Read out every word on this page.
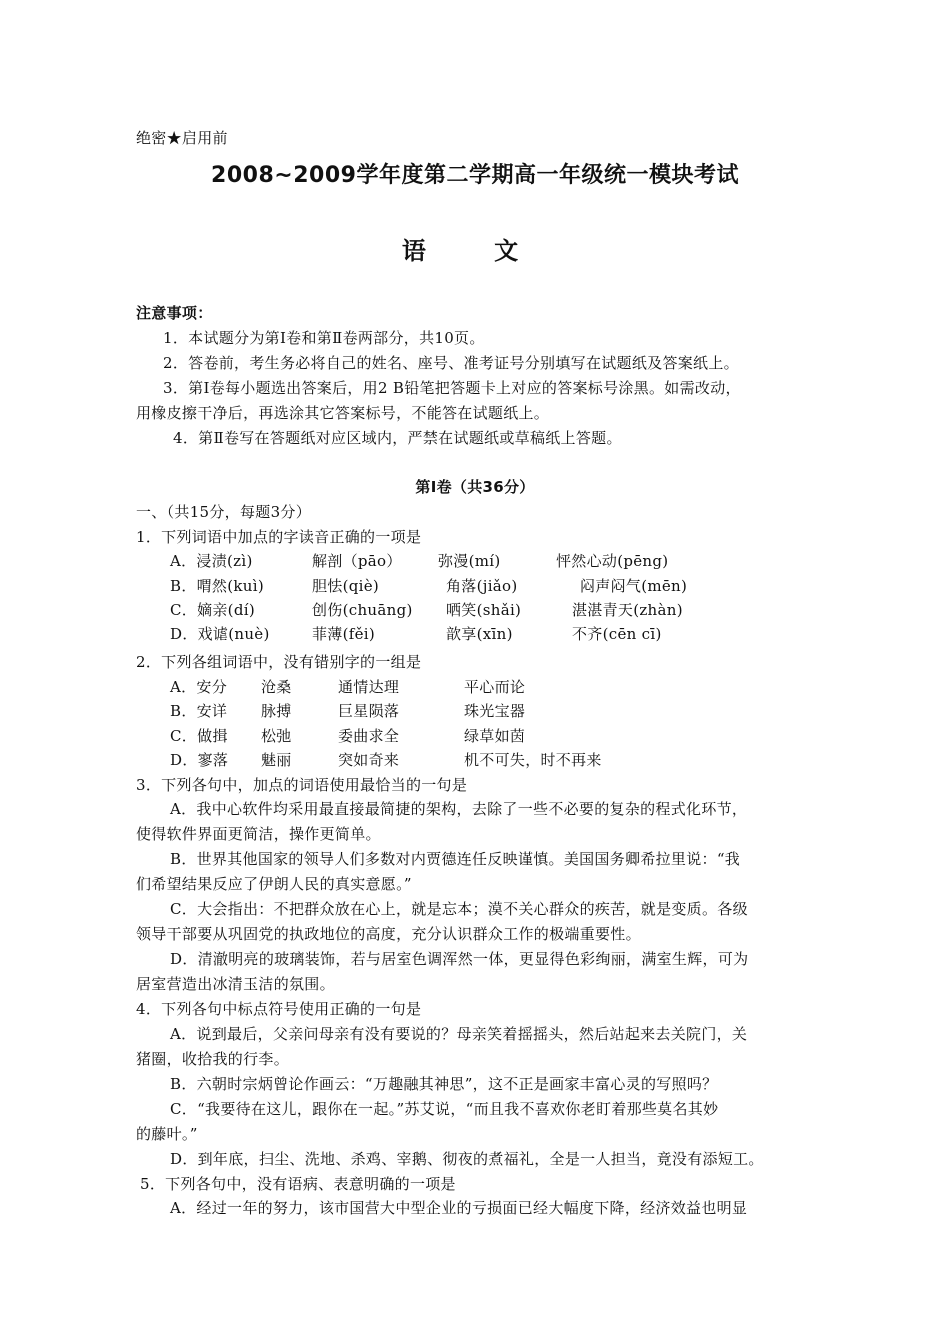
绝密★启用前
2008~2009学年度第二学期高一年级统一模块考试
语 文
注意事项：
1．本试题分为第Ⅰ卷和第Ⅱ卷两部分，共10页。
2．答卷前，考生务必将自己的姓名、座号、准考证号分别填写在试题纸及答案纸上。
3．第Ⅰ卷每小题选出答案后，用2 B铅笔把答题卡上对应的答案标号涂黑。如需改动，
用橡皮擦干净后，再选涂其它答案标号，不能答在试题纸上。
4．第Ⅱ卷写在答题纸对应区域内，严禁在试题纸或草稿纸上答题。
第Ⅰ卷（共36分）
一、（共15分，每题3分）
1．下列词语中加点的字读音正确的一项是
A．浸渍(zì)	解剖（pāo） 弥漫(mí)	怦然心动(pēng)
B．喟然(kuì)	胆怯(qiè)	角落(jiǎo)	闷声闷气(mēn)
C．嫡亲(dí)	创伤(chuāng) 哂笑(shǎi)	湛湛青天(zhàn)
D．戏谑(nuè)	菲薄(fěi)	歆享(xīn)	不齐(cēn cī)
2．下列各组词语中，没有错别字的一组是
A．安分 沧桑	通情达理	平心而论
B．安详 脉搏	巨星陨落	珠光宝器
C．做揖 松弛	委曲求全	绿草如茵
D．寥落 魅丽	突如奇来	机不可失，时不再来
3．下列各句中，加点的词语使用最恰当的一句是
A．我中心软件均采用最直接最简捷的架构，去除了一些不必要的复杂的程式化环节，
使得软件界面更简洁，操作更简单。
B．世界其他国家的领导人们多数对内贾德连任反映谨慎。美国国务卿希拉里说：“我
们希望结果反应了伊朗人民的真实意愿。”
C．大会指出：不把群众放在心上，就是忘本；漠不关心群众的疾苦，就是变质。各级
领导干部要从巩固党的执政地位的高度，充分认识群众工作的极端重要性。
D．清澈明亮的玻璃装饰，若与居室色调浑然一体，更显得色彩绚丽，满室生辉，可为
居室营造出冰清玉洁的氛围。
4．下列各句中标点符号使用正确的一句是
A．说到最后，父亲问母亲有没有要说的？母亲笑着摇摇头，然后站起来去关院门，关
猪圈，收拾我的行李。
B．六朝时宗炳曾论作画云：“万趣融其神思”，这不正是画家丰富心灵的写照吗？
C．“我要待在这儿，跟你在一起。”苏艾说，“而且我不喜欢你老盯着那些莫名其妙
的藤叶。”
D．到年底，扫尘、洗地、杀鸡、宰鹅、彻夜的煮福礼，全是一人担当，竟没有添短工。
5．下列各句中，没有语病、表意明确的一项是
A．经过一年的努力，该市国营大中型企业的亏损面已经大幅度下降，经济效益也明显
